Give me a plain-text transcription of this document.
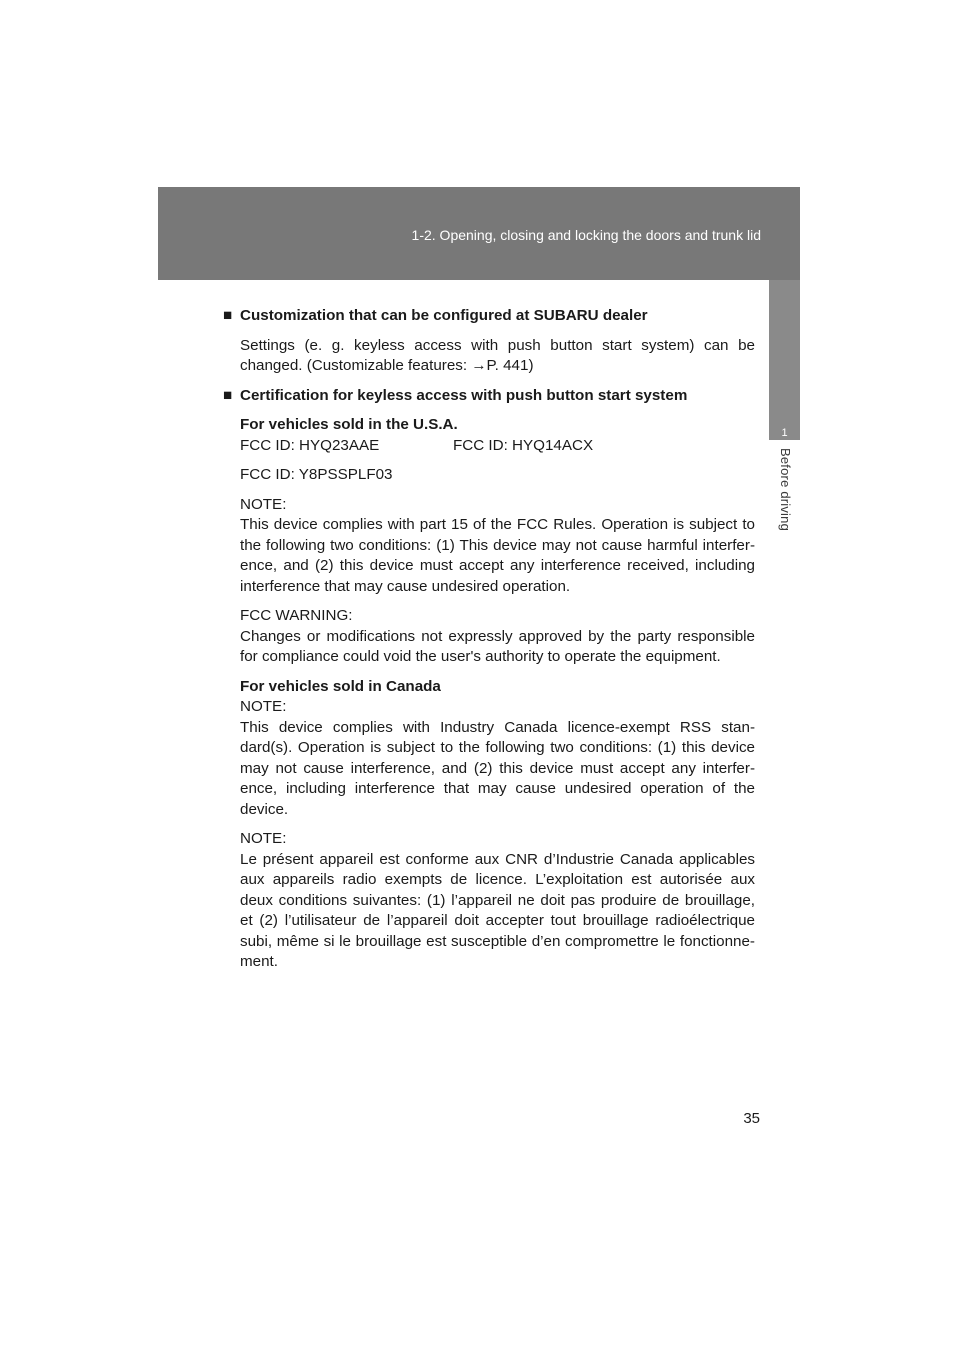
1-2. Opening, closing and locking the doors and trunk lid
1
Before driving
■ Customization that can be configured at SUBARU dealer

Settings (e. g. keyless access with push button start system) can be changed. (Customizable features: →P. 441)

■ Certification for keyless access with push button start system
For vehicles sold in the U.S.A.
FCC ID: HYQ23AAE	FCC ID: HYQ14ACX

FCC ID: Y8PSSPLF03

NOTE:

This device complies with part 15 of the FCC Rules. Operation is subject to the following two conditions: (1) This device may not cause harmful interfer-ence, and (2) this device must accept any interference received, including interference that may cause undesired operation.

FCC WARNING:

Changes or modifications not expressly approved by the party responsible for compliance could void the user's authority to operate the equipment.

For vehicles sold in Canada
NOTE:

This device complies with Industry Canada licence-exempt RSS stan-dard(s). Operation is subject to the following two conditions: (1) this device may not cause interference, and (2) this device must accept any interfer-ence, including interference that may cause undesired operation of the device.

NOTE:

Le présent appareil est conforme aux CNR d’Industrie Canada applicables aux appareils radio exempts de licence. L’exploitation est autorisée aux deux conditions suivantes: (1) l’appareil ne doit pas produire de brouillage, et (2) l’utilisateur de l’appareil doit accepter tout brouillage radioélectrique subi, même si le brouillage est susceptible d’en compromettre le fonctionne-ment.

35
